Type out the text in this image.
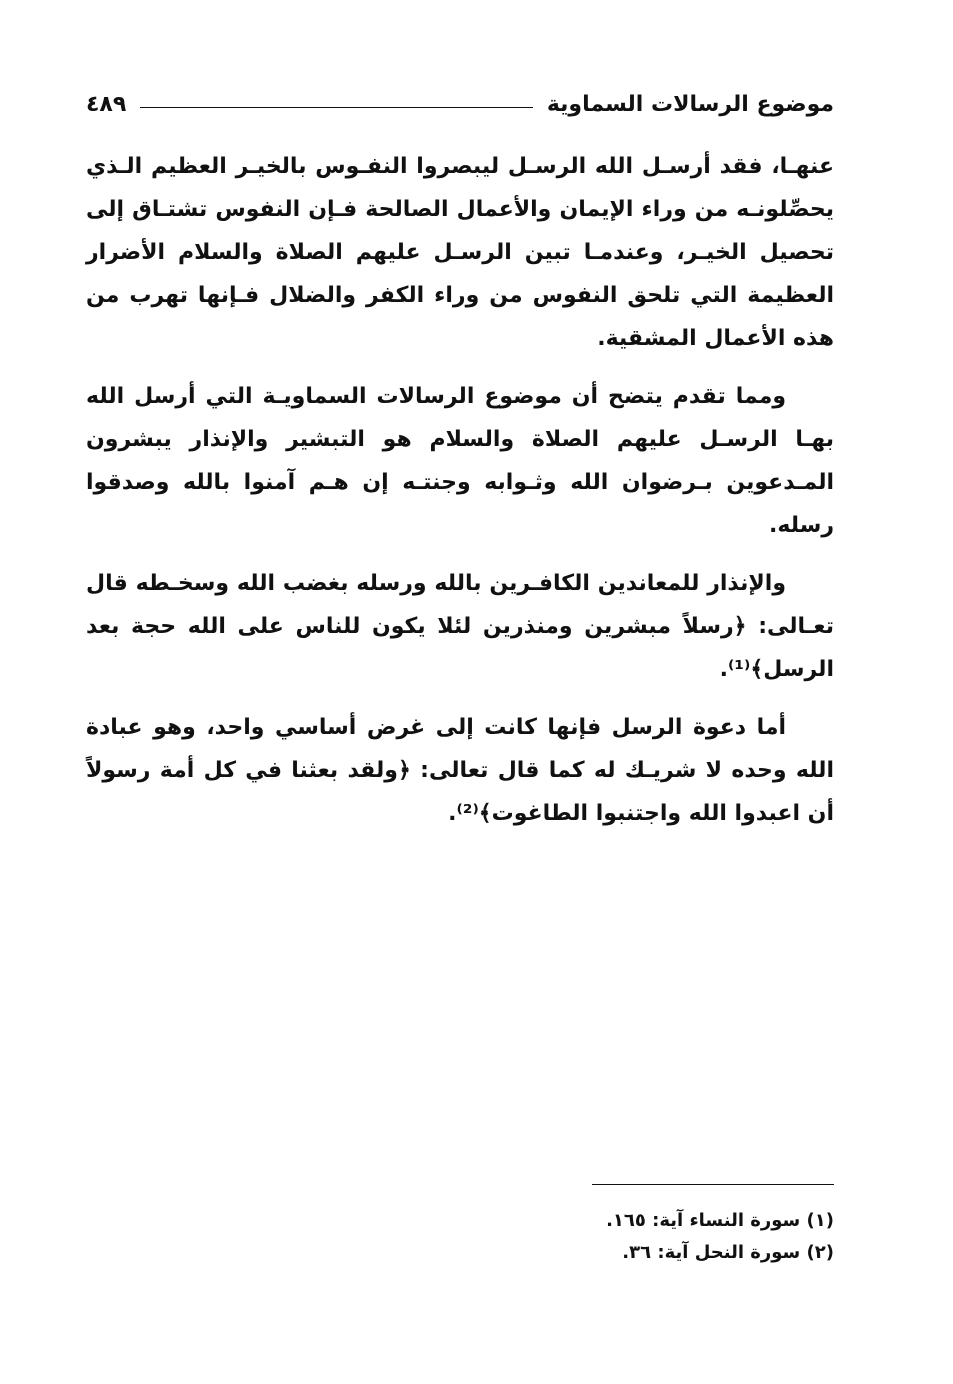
موضوع الرسالات السماوية
٤٨٩

عنهـا، فقد أرسـل الله الرسـل ليبصروا النفـوس بالخيـر العظيم الـذي يحصِّلونـه من وراء الإيمان والأعمال الصالحة فـإن النفوس تشتـاق إلى تحصيل الخيـر، وعندمـا تبين الرسـل عليهم الصلاة والسلام الأضرار العظيمة التي تلحق النفوس من وراء الكفر والضلال فـإنها تهرب من هذه الأعمال المشقية.

ومما تقدم يتضح أن موضوع الرسالات السماويـة التي أرسل الله بهـا الرسـل عليهم الصلاة والسلام هو التبشير والإنذار يبشرون المـدعوين بـرضوان الله وثـوابه وجنتـه إن هـم آمنوا بالله وصدقوا رسله.

والإنذار للمعاندين الكافـرين بالله ورسله بغضب الله وسخـطه قال تعـالى: ﴿رسلاً مبشرين ومنذرين لئلا يكون للناس على الله حجة بعد الرسل﴾⁽¹⁾.

أما دعوة الرسل فإنها كانت إلى غرض أساسي واحد، وهو عبادة الله وحده لا شريـك له كما قال تعالى: ﴿ولقد بعثنا في كل أمة رسولاً أن اعبدوا الله واجتنبوا الطاغوت﴾⁽²⁾.

(١) سورة النساء آية: ١٦٥.
(٢) سورة النحل آية: ٣٦.
